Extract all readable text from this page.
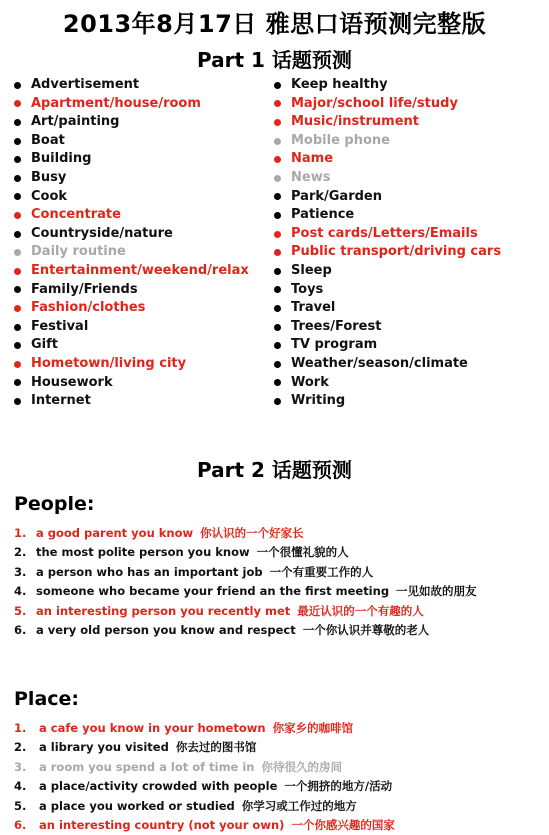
2013年8月17日 雅思口语预测完整版
Part 1 话题预测
Advertisement
Apartment/house/room
Art/painting
Boat
Building
Busy
Cook
Concentrate
Countryside/nature
Daily routine
Entertainment/weekend/relax
Family/Friends
Fashion/clothes
Festival
Gift
Hometown/living city
Housework
Internet
Keep healthy
Major/school life/study
Music/instrument
Mobile phone
Name
News
Park/Garden
Patience
Post cards/Letters/Emails
Public transport/driving cars
Sleep
Toys
Travel
Trees/Forest
TV program
Weather/season/climate
Work
Writing
Part 2 话题预测
People:
1. a good parent you know 你认识的一个好家长
2. the most polite person you know 一个很懂礼貌的人
3. a person who has an important job 一个有重要工作的人
4. someone who became your friend an the first meeting 一见如故的朋友
5. an interesting person you recently met 最近认识的一个有趣的人
6. a very old person you know and respect 一个你认识并尊敬的老人
Place:
1.	a cafe you know in your hometown 你家乡的咖啡馆
2.	a library you visited 你去过的图书馆
3.	a room you spend a lot of time in 你待很久的房间
4.	a place/activity crowded with people 一个拥挤的地方/活动
5.	a place you worked or studied 你学习或工作过的地方
6.	an interesting country (not your own) 一个你感兴趣的国家
